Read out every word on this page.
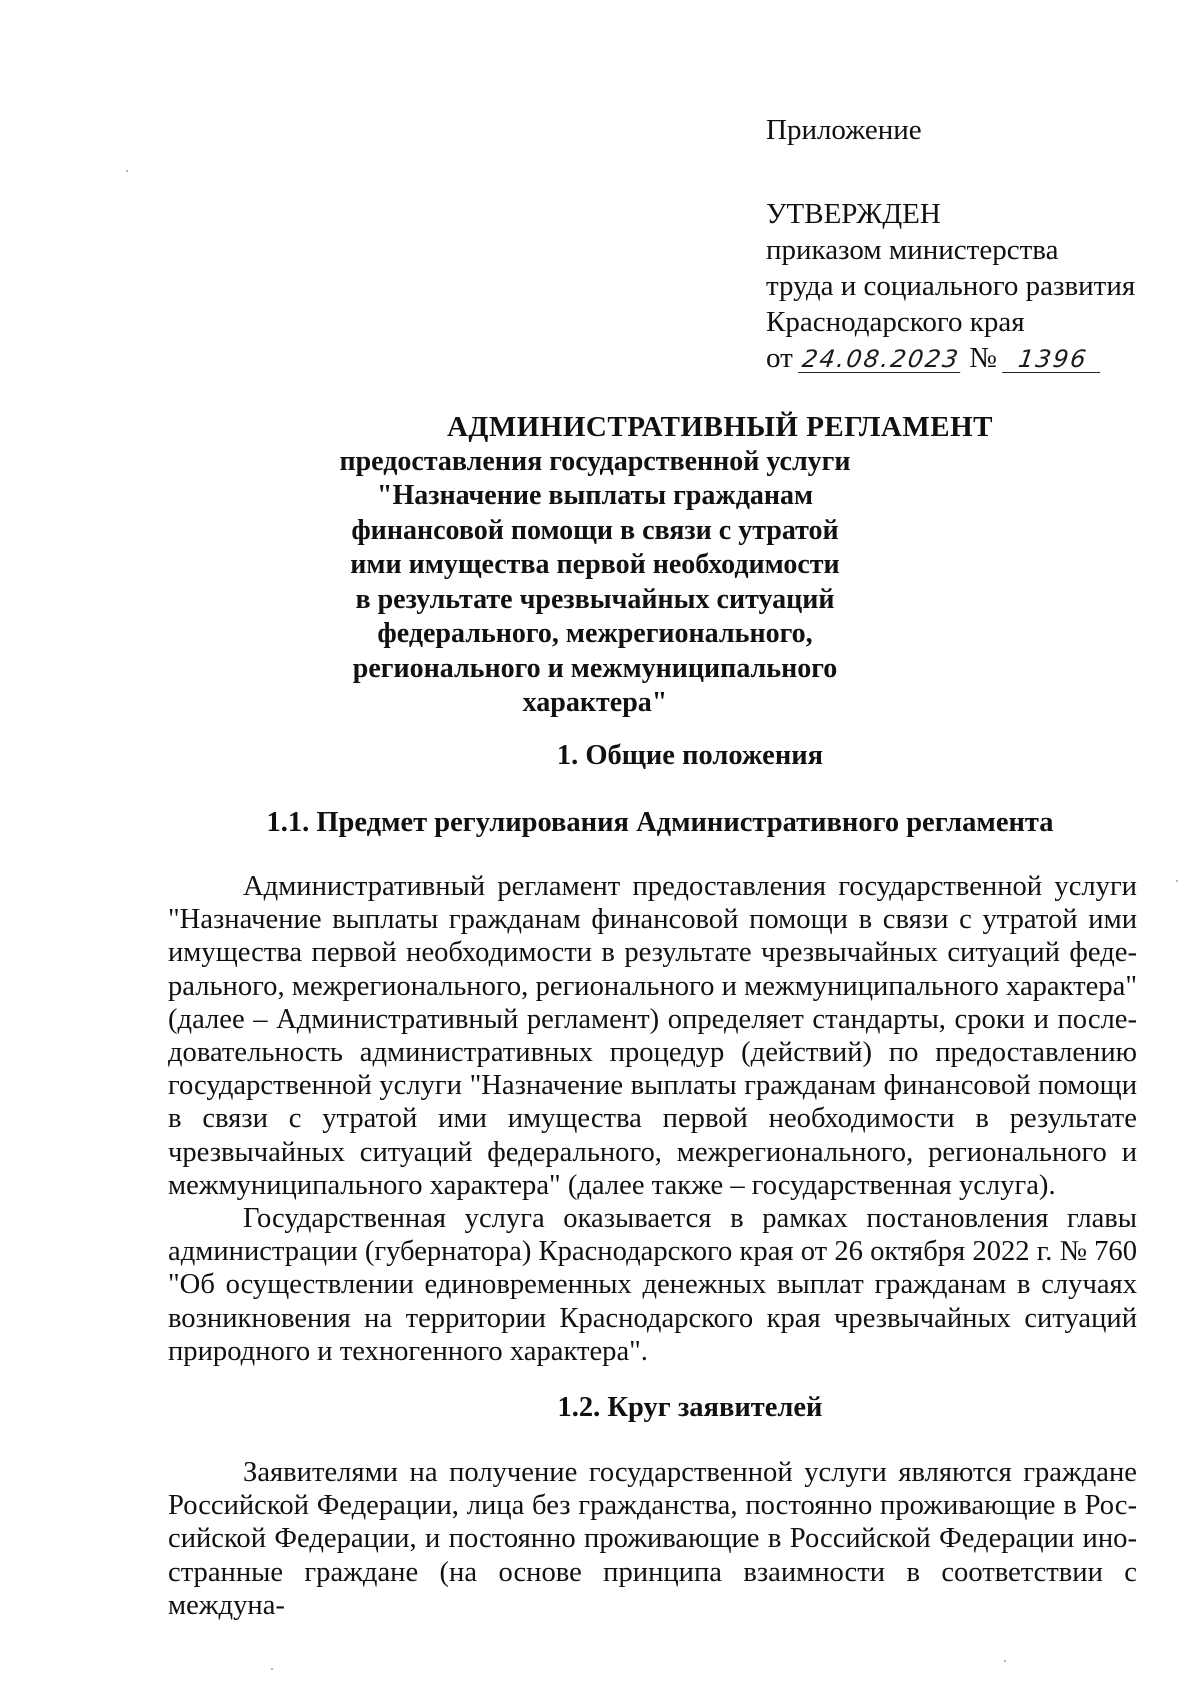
Приложение
УТВЕРЖДЕН
приказом министерства
труда и социального развития
Краснодарского края
от 24.08.2023 № 1396
АДМИНИСТРАТИВНЫЙ РЕГЛАМЕНТ
предоставления государственной услуги
"Назначение выплаты гражданам
финансовой помощи в связи с утратой
ими имущества первой необходимости
в результате чрезвычайных ситуаций
федерального, межрегионального,
регионального и межмуниципального
характера"
1. Общие положения
1.1. Предмет регулирования Административного регламента
Административный регламент предоставления государственной услуги "Назначение выплаты гражданам финансовой помощи в связи с утратой ими имущества первой необходимости в результате чрезвычайных ситуаций федерального, межрегионального, регионального и межмуниципального характера" (далее – Административный регламент) определяет стандарты, сроки и последовательность административных процедур (действий) по предоставлению государственной услуги "Назначение выплаты гражданам финансовой помощи в связи с утратой ими имущества первой необходимости в результате чрезвычайных ситуаций федерального, межрегионального, регионального и межмуниципального характера" (далее также – государственная услуга).
Государственная услуга оказывается в рамках постановления главы администрации (губернатора) Краснодарского края от 26 октября 2022 г. № 760 "Об осуществлении единовременных денежных выплат гражданам в случаях возникновения на территории Краснодарского края чрезвычайных ситуаций природного и техногенного характера".
1.2. Круг заявителей
Заявителями на получение государственной услуги являются граждане Российской Федерации, лица без гражданства, постоянно проживающие в Российской Федерации, и постоянно проживающие в Российской Федерации иностранные граждане (на основе принципа взаимности в соответствии с междуна-
